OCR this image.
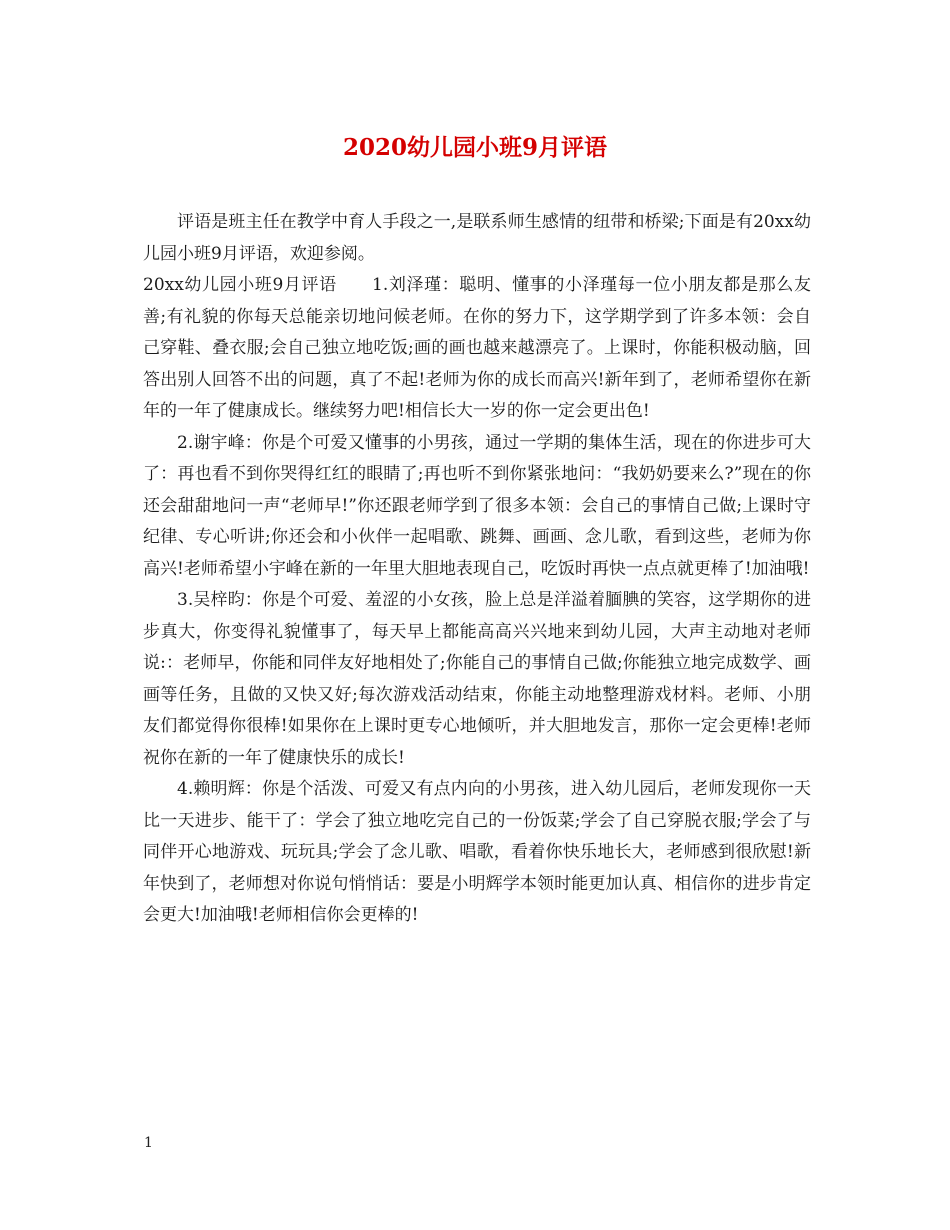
2020幼儿园小班9月评语

评语是班主任在教学中育人手段之一,是联系师生感情的纽带和桥梁;下面是有20xx幼儿园小班9月评语，欢迎参阅。

20xx幼儿园小班9月评语　　1.刘泽瑾：聪明、懂事的小泽瑾每一位小朋友都是那么友善;有礼貌的你每天总能亲切地问候老师。在你的努力下，这学期学到了许多本领：会自己穿鞋、叠衣服;会自己独立地吃饭;画的画也越来越漂亮了。上课时，你能积极动脑，回答出别人回答不出的问题，真了不起!老师为你的成长而高兴!新年到了，老师希望你在新年的一年了健康成长。继续努力吧!相信长大一岁的你一定会更出色!

2.谢宇峰：你是个可爱又懂事的小男孩，通过一学期的集体生活，现在的你进步可大了：再也看不到你哭得红红的眼睛了;再也听不到你紧张地问：“我奶奶要来么?”现在的你还会甜甜地问一声“老师早!”你还跟老师学到了很多本领：会自己的事情自己做;上课时守纪律、专心听讲;你还会和小伙伴一起唱歌、跳舞、画画、念儿歌，看到这些，老师为你高兴!老师希望小宇峰在新的一年里大胆地表现自己，吃饭时再快一点点就更棒了!加油哦!

3.吴梓昀：你是个可爱、羞涩的小女孩，脸上总是洋溢着腼腆的笑容，这学期你的进步真大，你变得礼貌懂事了，每天早上都能高高兴兴地来到幼儿园，大声主动地对老师说:：老师早，你能和同伴友好地相处了;你能自己的事情自己做;你能独立地完成数学、画画等任务，且做的又快又好;每次游戏活动结束，你能主动地整理游戏材料。老师、小朋友们都觉得你很棒!如果你在上课时更专心地倾听，并大胆地发言，那你一定会更棒!老师祝你在新的一年了健康快乐的成长!

4.赖明辉：你是个活泼、可爱又有点内向的小男孩，进入幼儿园后，老师发现你一天比一天进步、能干了：学会了独立地吃完自己的一份饭菜;学会了自己穿脱衣服;学会了与同伴开心地游戏、玩玩具;学会了念儿歌、唱歌，看着你快乐地长大，老师感到很欣慰!新年快到了，老师想对你说句悄悄话：要是小明辉学本领时能更加认真、相信你的进步肯定会更大!加油哦!老师相信你会更棒的!

1
